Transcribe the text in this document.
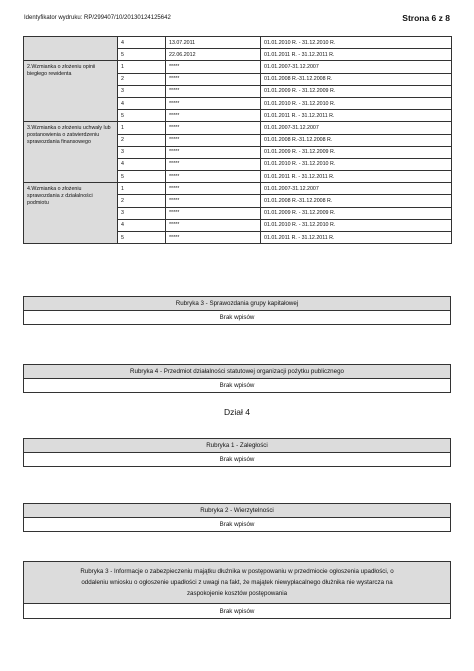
Identyfikator wydruku: RP/299407/10/20130124125642	Strona 6 z 8
	4	13.07.2011	01.01.2010 R. - 31.12.2010 R.
	5	22.06.2012	01.01.2011 R. - 31.12.2011 R.
2.Wzmianka o złożeniu opinii biegłego rewidenta	1	*****	01.01.2007-31.12.2007
	2	*****	01.01.2008 R.-31.12.2008 R.
	3	*****	01.01.2009 R. - 31.12.2009 R.
	4	*****	01.01.2010 R. - 31.12.2010 R.
	5	*****	01.01.2011 R. - 31.12.2011 R.
3.Wzmianka o złożeniu uchwały lub postanowienia o zatwierdzeniu sprawozdania finansowego	1	*****	01.01.2007-31.12.2007
	2	*****	01.01.2008 R.-31.12.2008 R.
	3	*****	01.01.2009 R. - 31.12.2009 R.
	4	*****	01.01.2010 R. - 31.12.2010 R.
	5	*****	01.01.2011 R. - 31.12.2011 R.
4.Wzmianka o złożeniu sprawozdania z działalności podmiotu	1	*****	01.01.2007-31.12.2007
	2	*****	01.01.2008 R.-31.12.2008 R.
	3	*****	01.01.2009 R. - 31.12.2009 R.
	4	*****	01.01.2010 R. - 31.12.2010 R.
	5	*****	01.01.2011 R. - 31.12.2011 R.
Rubryka 3 - Sprawozdania grupy kapitałowej
Brak wpisów
Rubryka 4 - Przedmiot działalności statutowej organizacji pożytku publicznego
Brak wpisów
Dział 4
Rubryka 1 - Zaległości
Brak wpisów
Rubryka 2 - Wierzytelności
Brak wpisów
Rubryka 3 - Informacje o zabezpieczeniu majątku dłużnika w postępowaniu w przedmiocie ogłoszenia upadłości, o
oddaleniu wniosku o ogłoszenie upadłości z uwagi na fakt, że majątek niewypłacalnego dłużnika nie wystarcza na
zaspokojenie kosztów postępowania
Brak wpisów
